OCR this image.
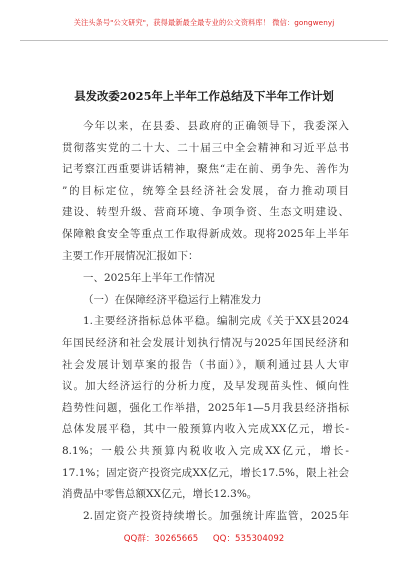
关注头条号"公文研究"，获得最新最全最专业的公文资料库！ 微信：gongwenyj
县发改委2025年上半年工作总结及下半年工作计划
今年以来，在县委、县政府的正确领导下，我委深入
贯彻落实党的二十大、二十届三中全会精神和习近平总书
记考察江西重要讲话精神，聚焦“走在前、勇争先、善作为
”的目标定位，统筹全县经济社会发展，奋力推动项目
建设、转型升级、营商环境、争项争资、生态文明建设、
保障粮食安全等重点工作取得新成效。现将2025年上半年
主要工作开展情况汇报如下：
一、2025年上半年工作情况
（一）在保障经济平稳运行上精准发力
1.主要经济指标总体平稳。编制完成《关于XX县2024
年国民经济和社会发展计划执行情况与2025年国民经济和
社会发展计划草案的报告（书面）》，顺利通过县人大审
议。加大经济运行的分析力度，及早发现苗头性、倾向性
趋势性问题，强化工作举措，2025年1—5月我县经济指标
总体发展平稳，其中一般预算内收入完成XX亿元，增长-
8.1%；一般公共预算内税收收入完成XX亿元，增长-
17.1%；固定资产投资完成XX亿元，增长17.5%，限上社会
消费品中零售总额XX亿元，增长12.3%。
2.固定资产投资持续增长。加强统计库监管，2025年
QQ群：30265665 QQ：535304092
